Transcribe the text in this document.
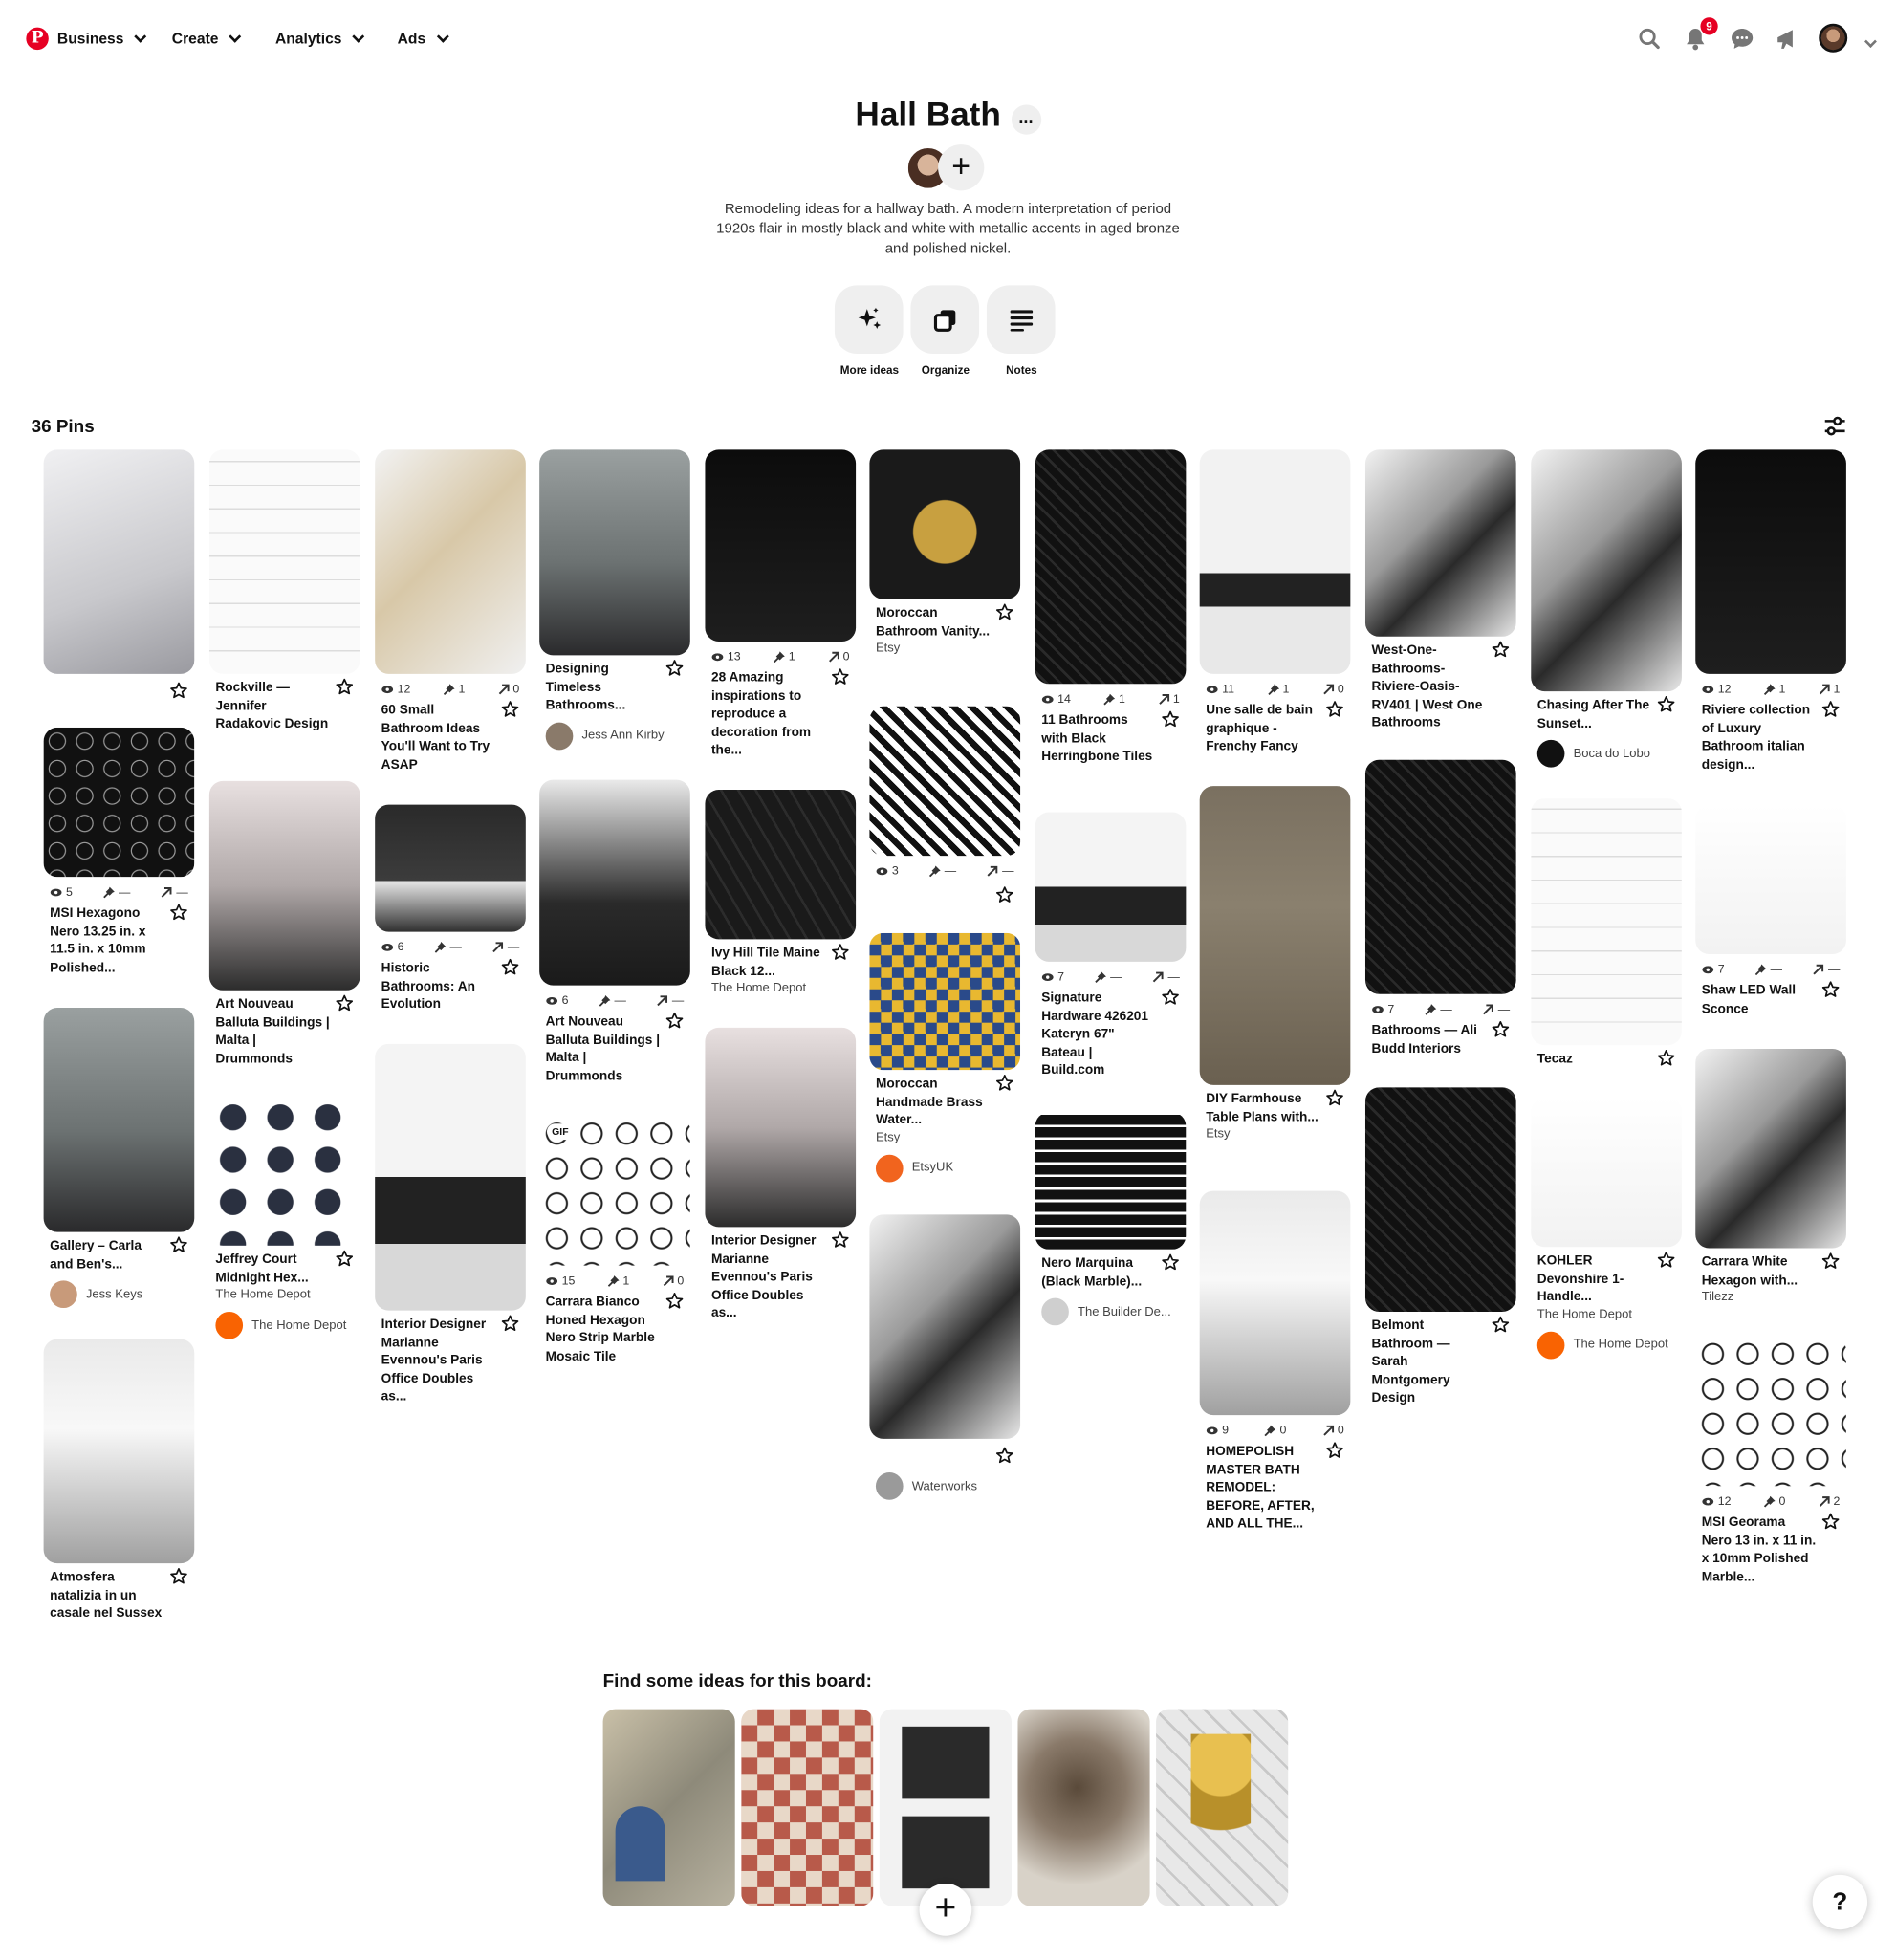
P	Business	Create	Analytics	Ads
9
Hall Bath	...
+
Remodeling ideas for a hallway bath. A modern interpretation of period 1920s flair in mostly black and white with metallic accents in aged bronze and polished nickel.
More ideas	Organize	Notes
36 Pins
5	—	—
MSI Hexagono Nero 13.25 in. x 11.5 in. x 10mm Polished...
Gallery – Carla and Ben's...
Jess Keys
Atmosfera natalizia in un casale nel Sussex
Rockville — Jennifer Radakovic Design
Art Nouveau Balluta Buildings | Malta | Drummonds
Jeffrey Court Midnight Hex...
The Home Depot
The Home Depot
12	1	0
60 Small Bathroom Ideas You'll Want to Try ASAP
6	—	—
Historic Bathrooms: An Evolution
Interior Designer Marianne Evennou's Paris Office Doubles as...
Designing Timeless Bathrooms...
Jess Ann Kirby
6	—	—
Art Nouveau Balluta Buildings | Malta | Drummonds
GIF
15	1	0
Carrara Bianco Honed Hexagon Nero Strip Marble Mosaic Tile
13	1	0
28 Amazing inspirations to reproduce a decoration from the...
Ivy Hill Tile Maine Black 12...
The Home Depot
Interior Designer Marianne Evennou's Paris Office Doubles as...
Moroccan Bathroom Vanity...
Etsy
3	—	—
Moroccan Handmade Brass Water...
Etsy
EtsyUK
Waterworks
14	1	1
11 Bathrooms with Black Herringbone Tiles
7	—	—
Signature Hardware 426201 Kateryn 67" Bateau | Build.com
Nero Marquina (Black Marble)...
The Builder De...
11	1	0
Une salle de bain graphique - Frenchy Fancy
DIY Farmhouse Table Plans with...
Etsy
9	0	0
HOMEPOLISH MASTER BATH REMODEL: BEFORE, AFTER, AND ALL THE...
West-One-Bathrooms-Riviere-Oasis-RV401 | West One Bathrooms
7	—	—
Bathrooms — Ali Budd Interiors
Belmont Bathroom — Sarah Montgomery Design
Chasing After The Sunset...
Boca do Lobo
Tecaz
KOHLER Devonshire 1-Handle...
The Home Depot
The Home Depot
12	1	1
Riviere collection of Luxury Bathroom italian design...
7	—	—
Shaw LED Wall Sconce
Carrara White Hexagon with...
Tilezz
12	0	2
MSI Georama Nero 13 in. x 11 in. x 10mm Polished Marble...
Find some ideas for this board:
+	?
